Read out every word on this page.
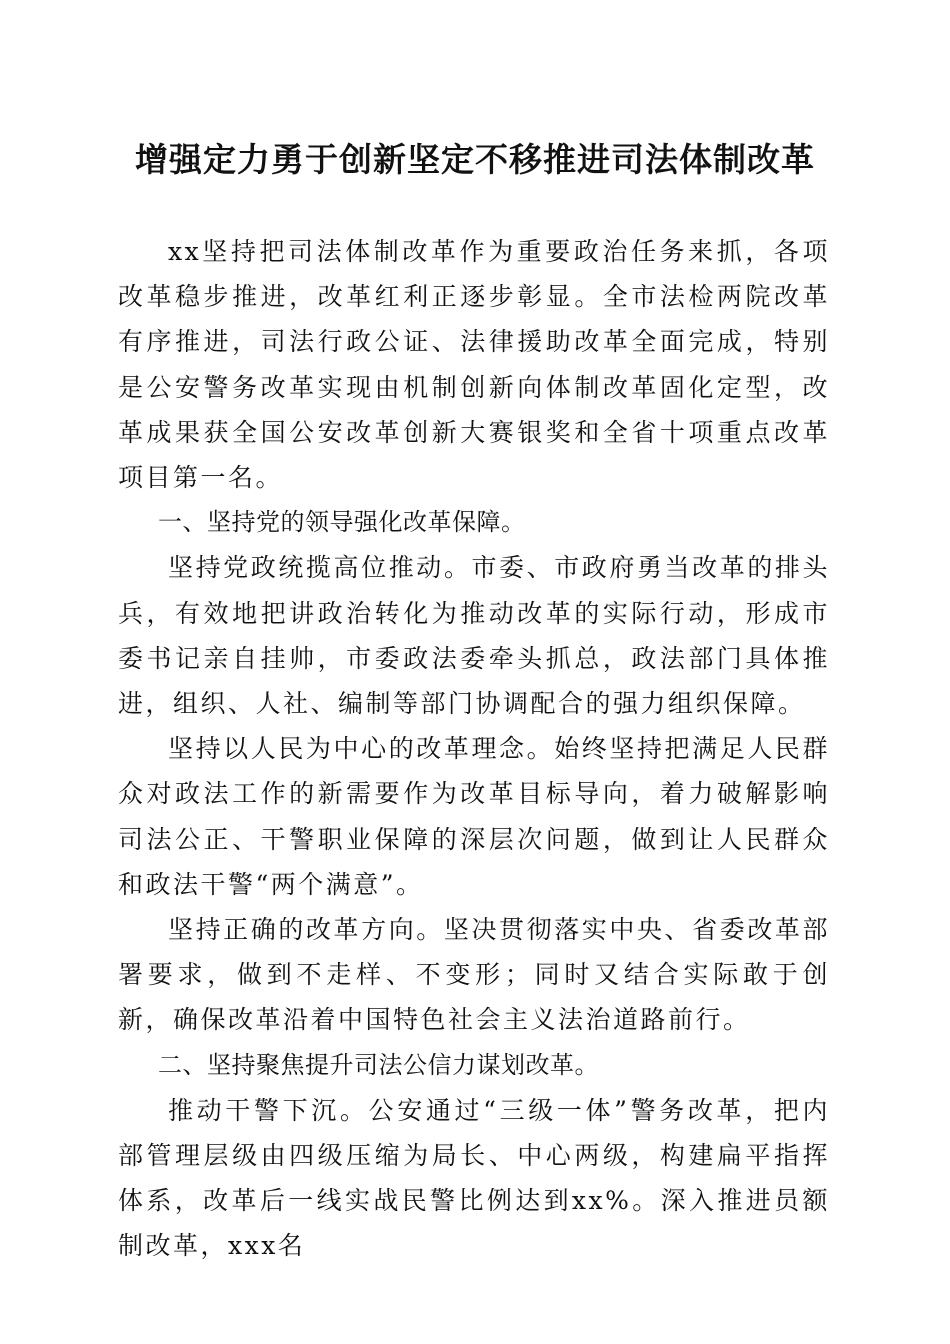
增强定力勇于创新坚定不移推进司法体制改革

xx坚持把司法体制改革作为重要政治任务来抓，各项改革稳步推进，改革红利正逐步彰显。全市法检两院改革有序推进，司法行政公证、法律援助改革全面完成，特别是公安警务改革实现由机制创新向体制改革固化定型，改革成果获全国公安改革创新大赛银奖和全省十项重点改革项目第一名。

一、坚持党的领导强化改革保障。

坚持党政统揽高位推动。市委、市政府勇当改革的排头兵，有效地把讲政治转化为推动改革的实际行动，形成市委书记亲自挂帅，市委政法委牵头抓总，政法部门具体推进，组织、人社、编制等部门协调配合的强力组织保障。

坚持以人民为中心的改革理念。始终坚持把满足人民群众对政法工作的新需要作为改革目标导向，着力破解影响司法公正、干警职业保障的深层次问题，做到让人民群众和政法干警“两个满意”。

坚持正确的改革方向。坚决贯彻落实中央、省委改革部署要求，做到不走样、不变形；同时又结合实际敢于创新，确保改革沿着中国特色社会主义法治道路前行。

二、坚持聚焦提升司法公信力谋划改革。

推动干警下沉。公安通过“三级一体”警务改革，把内部管理层级由四级压缩为局长、中心两级，构建扁平指挥体系，改革后一线实战民警比例达到xx%。深入推进员额制改革，xxx名
